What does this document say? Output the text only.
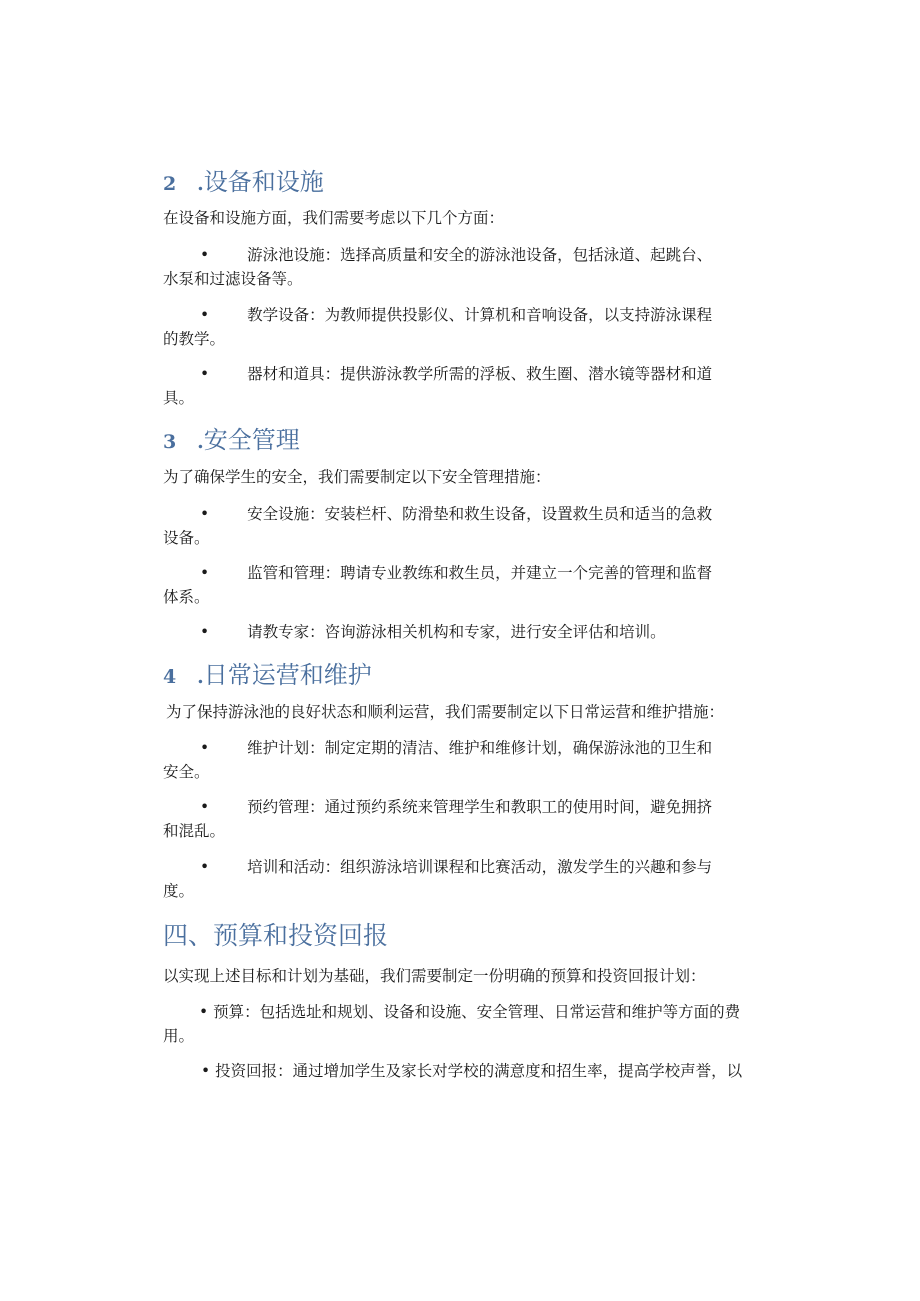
2   .设备和设施
在设备和设施方面，我们需要考虑以下几个方面：
• 游泳池设施：选择高质量和安全的游泳池设备，包括泳道、起跳台、
水泵和过滤设备等。
• 教学设备：为教师提供投影仪、计算机和音响设备，以支持游泳课程
的教学。
• 器材和道具：提供游泳教学所需的浮板、救生圈、潜水镜等器材和道
具。
3   .安全管理
为了确保学生的安全，我们需要制定以下安全管理措施：
• 安全设施：安装栏杆、防滑垫和救生设备，设置救生员和适当的急救
设备。
• 监管和管理：聘请专业教练和救生员，并建立一个完善的管理和监督
体系。
• 请教专家：咨询游泳相关机构和专家，进行安全评估和培训。
4   .日常运营和维护
为了保持游泳池的良好状态和顺利运营，我们需要制定以下日常运营和维护措施：
• 维护计划：制定定期的清洁、维护和维修计划，确保游泳池的卫生和
安全。
• 预约管理：通过预约系统来管理学生和教职工的使用时间，避免拥挤
和混乱。
• 培训和活动：组织游泳培训课程和比赛活动，激发学生的兴趣和参与
度。
四、预算和投资回报
以实现上述目标和计划为基础，我们需要制定一份明确的预算和投资回报计划：
• 预算：包括选址和规划、设备和设施、安全管理、日常运营和维护等方面的费
用。
• 投资回报：通过增加学生及家长对学校的满意度和招生率，提高学校声誉，以
